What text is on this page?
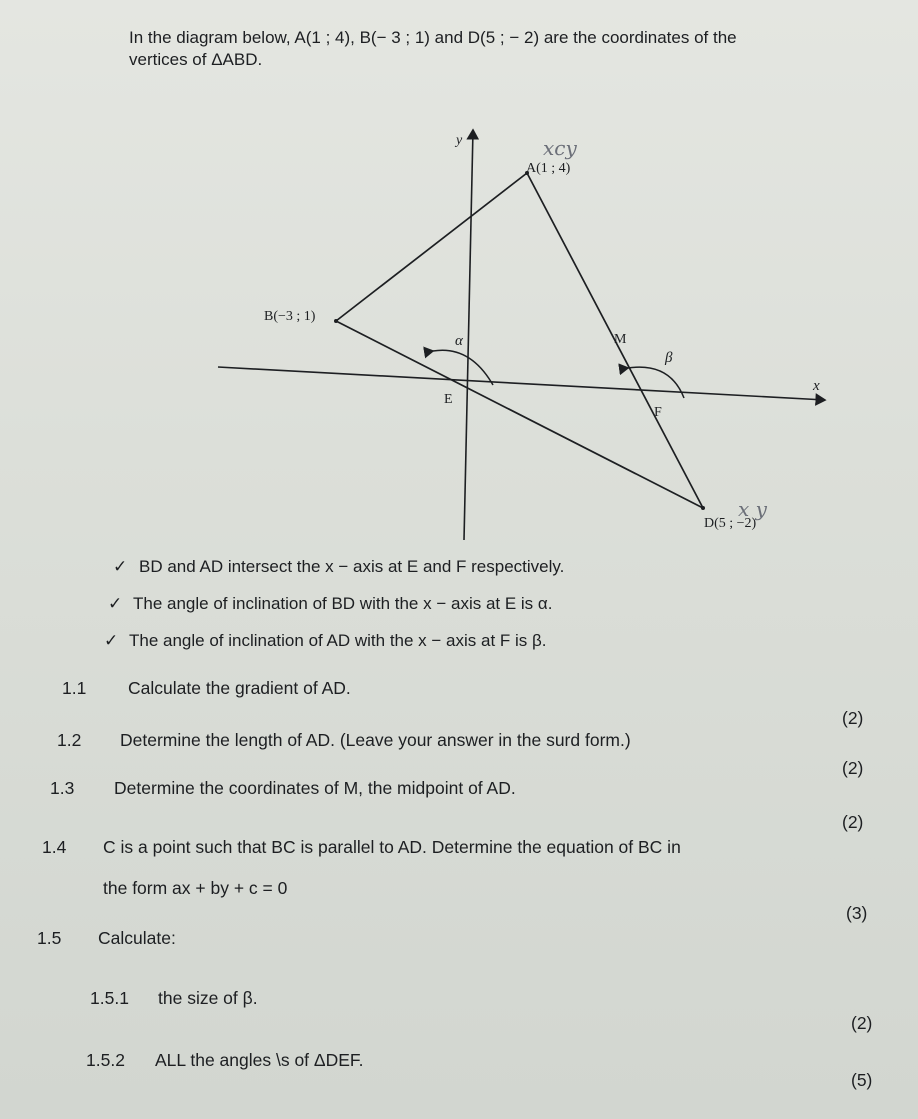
In the diagram below, A(1 ; 4), B(− 3 ; 1) and D(5 ; − 2) are the coordinates of the
vertices of ΔABD.
y
x
A(1 ; 4)
B(−3 ; 1)
D(5 ; −2)
M
E
F
α
β
xcy
x y
✓ BD and AD intersect the x − axis at E and F respectively.
✓ The angle of inclination of BD with the x − axis at E is α.
✓ The angle of inclination of AD with the x − axis at F is β.
1.1 Calculate the gradient of AD.
(2)
1.2 Determine the length of AD. (Leave your answer in the surd form.)
(2)
1.3 Determine the coordinates of M, the midpoint of AD.
(2)
1.4 C is a point such that BC is parallel to AD. Determine the equation of BC in
the form ax + by + c = 0
(3)
1.5 Calculate:
1.5.1 the size of β.
(2)
1.5.2 ALL the angles \s of ΔDEF.
(5)
